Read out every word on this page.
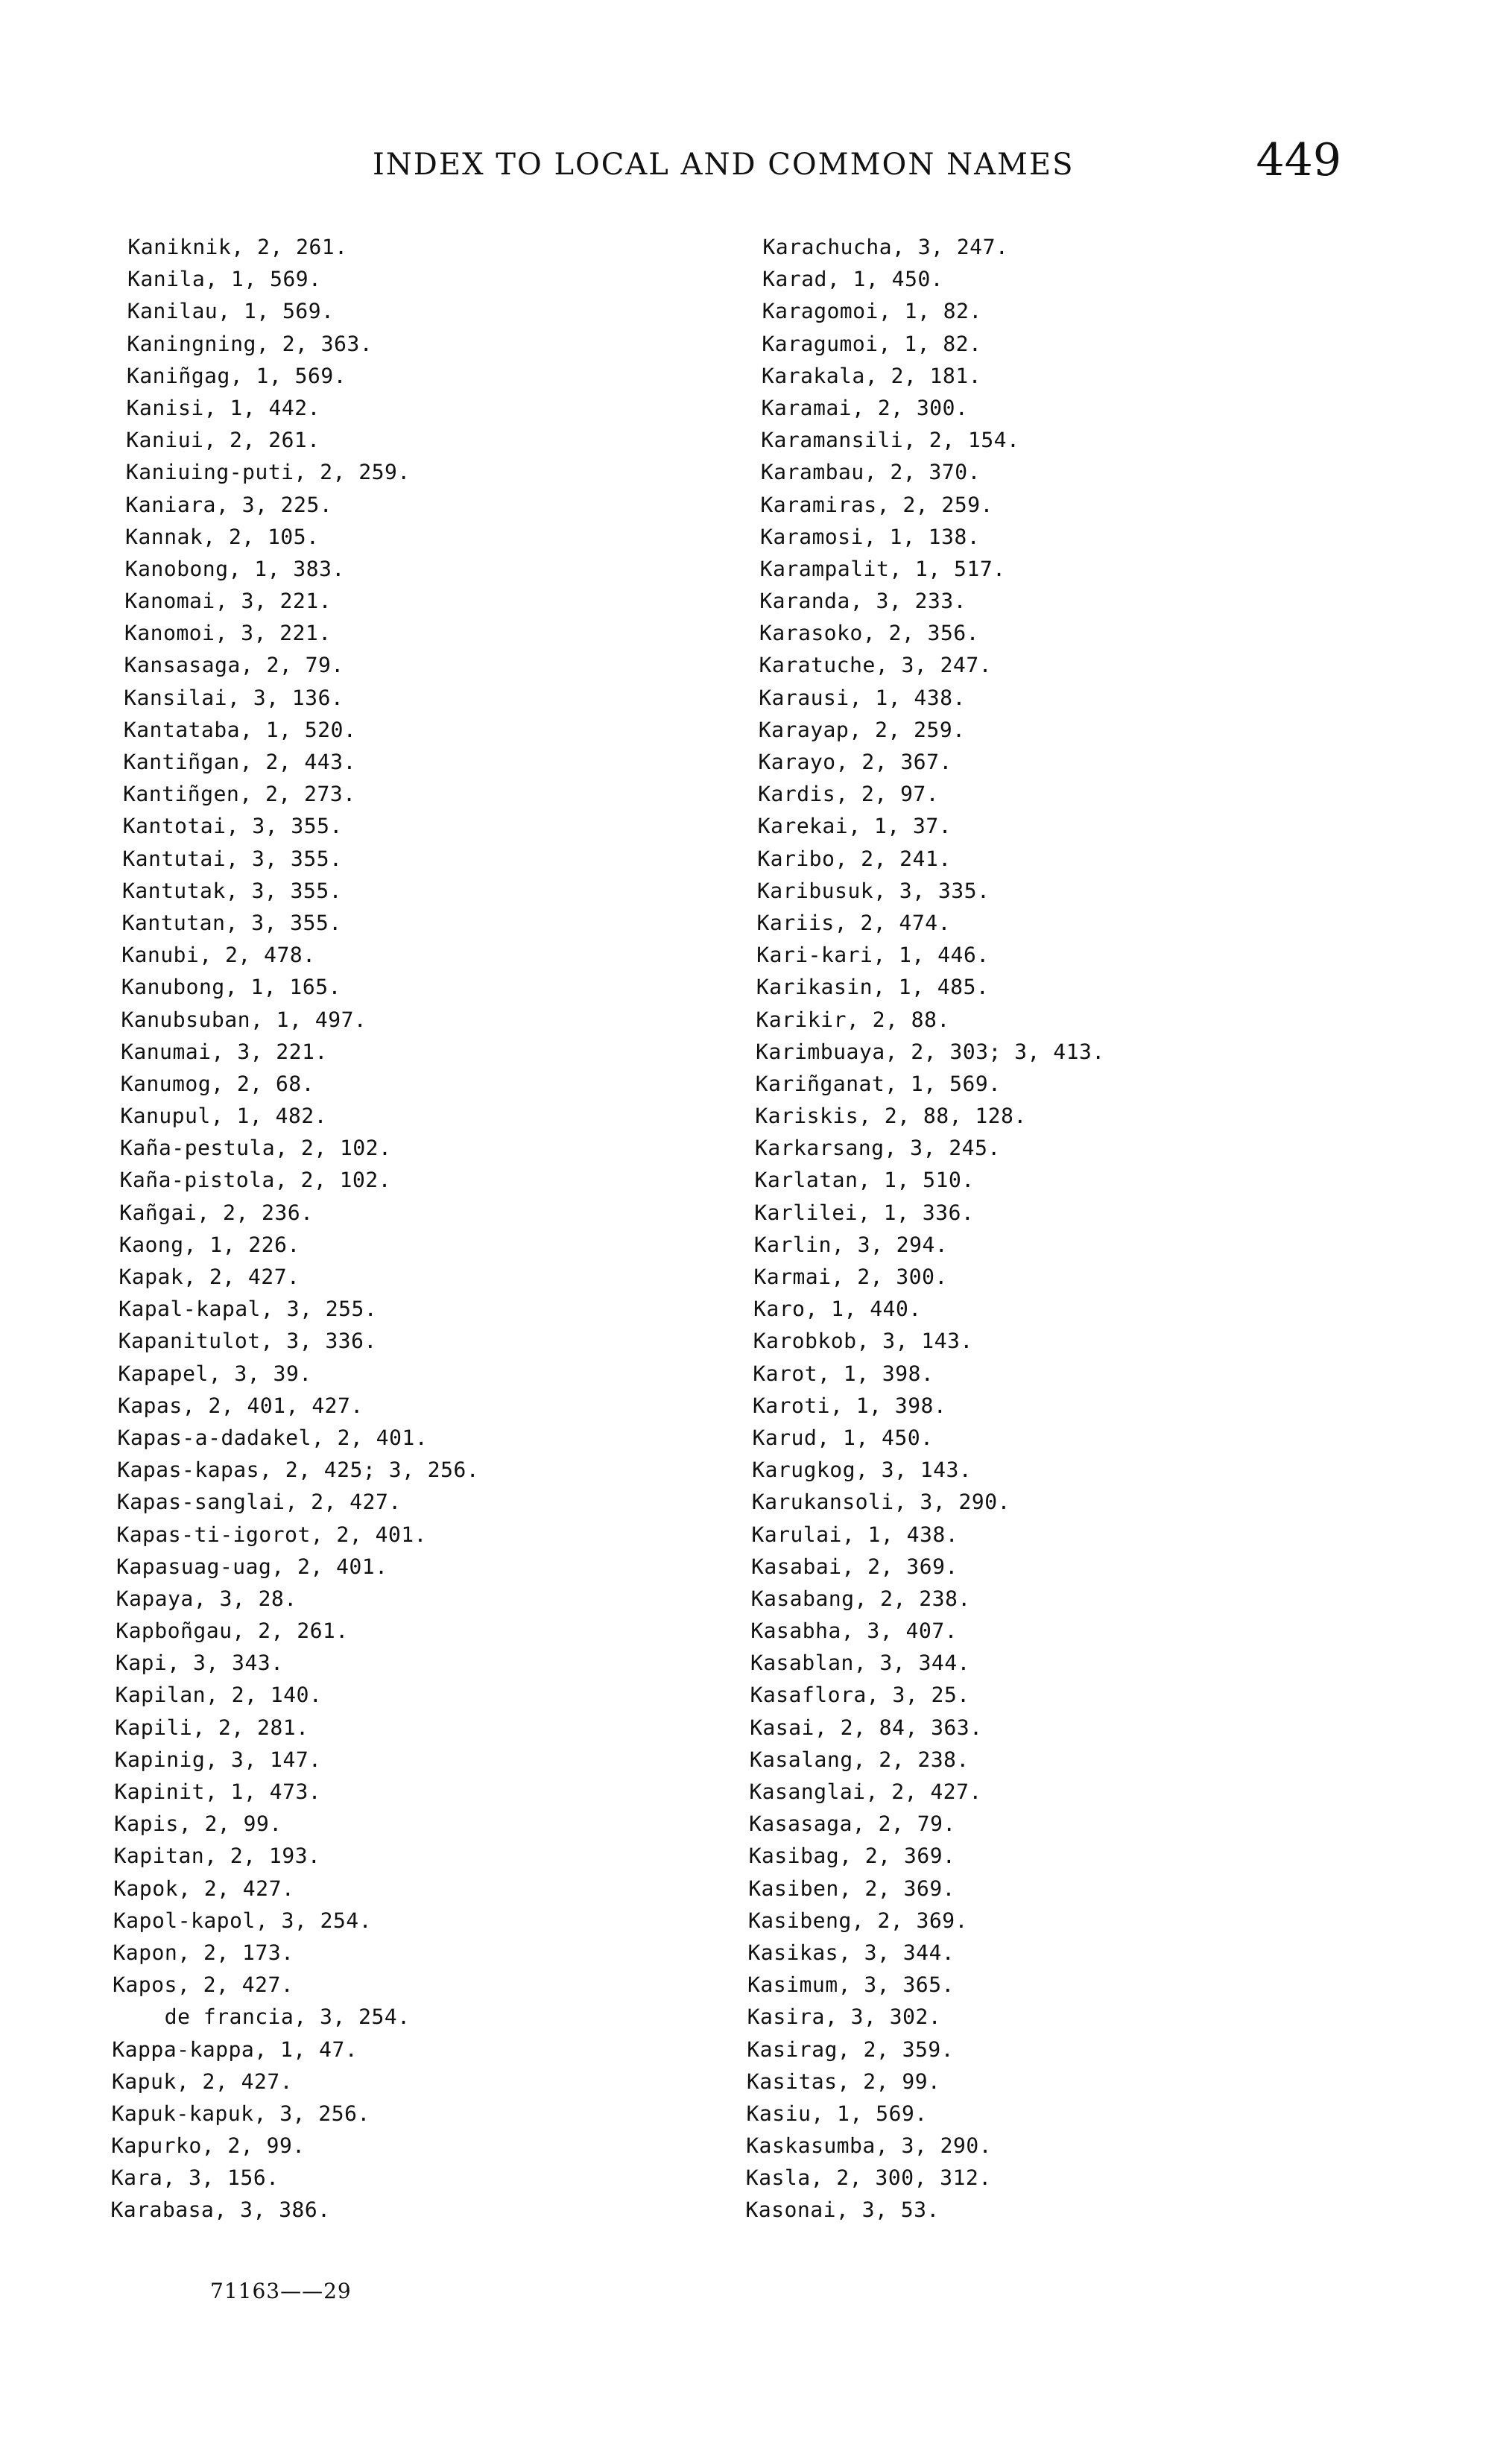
INDEX TO LOCAL AND COMMON NAMES	449
Kaniknik, 2, 261.
Kanila, 1, 569.
Kanilau, 1, 569.
Kaningning, 2, 363.
Kaniñgag, 1, 569.
Kanisi, 1, 442.
Kaniui, 2, 261.
Kaniuing-puti, 2, 259.
Kaniara, 3, 225.
Kannak, 2, 105.
Kanobong, 1, 383.
Kanomai, 3, 221.
Kanomoi, 3, 221.
Kansasaga, 2, 79.
Kansilai, 3, 136.
Kantataba, 1, 520.
Kantiñgan, 2, 443.
Kantiñgen, 2, 273.
Kantotai, 3, 355.
Kantutai, 3, 355.
Kantutak, 3, 355.
Kantutan, 3, 355.
Kanubi, 2, 478.
Kanubong, 1, 165.
Kanubsuban, 1, 497.
Kanumai, 3, 221.
Kanumog, 2, 68.
Kanupul, 1, 482.
Kaña-pestula, 2, 102.
Kaña-pistola, 2, 102.
Kañgai, 2, 236.
Kaong, 1, 226.
Kapak, 2, 427.
Kapal-kapal, 3, 255.
Kapanitulot, 3, 336.
Kapapel, 3, 39.
Kapas, 2, 401, 427.
Kapas-a-dadakel, 2, 401.
Kapas-kapas, 2, 425; 3, 256.
Kapas-sanglai, 2, 427.
Kapas-ti-igorot, 2, 401.
Kapasuag-uag, 2, 401.
Kapaya, 3, 28.
Kapboñgau, 2, 261.
Kapi, 3, 343.
Kapilan, 2, 140.
Kapili, 2, 281.
Kapinig, 3, 147.
Kapinit, 1, 473.
Kapis, 2, 99.
Kapitan, 2, 193.
Kapok, 2, 427.
Kapol-kapol, 3, 254.
Kapon, 2, 173.
Kapos, 2, 427.
de francia, 3, 254.
Kappa-kappa, 1, 47.
Kapuk, 2, 427.
Kapuk-kapuk, 3, 256.
Kapurko, 2, 99.
Kara, 3, 156.
Karabasa, 3, 386.
Karachucha, 3, 247.
Karad, 1, 450.
Karagomoi, 1, 82.
Karagumoi, 1, 82.
Karakala, 2, 181.
Karamai, 2, 300.
Karamansili, 2, 154.
Karambau, 2, 370.
Karamiras, 2, 259.
Karamosi, 1, 138.
Karampalit, 1, 517.
Karanda, 3, 233.
Karasoko, 2, 356.
Karatuche, 3, 247.
Karausi, 1, 438.
Karayap, 2, 259.
Karayo, 2, 367.
Kardis, 2, 97.
Karekai, 1, 37.
Karibo, 2, 241.
Karibusuk, 3, 335.
Kariis, 2, 474.
Kari-kari, 1, 446.
Karikasin, 1, 485.
Karikir, 2, 88.
Karimbuaya, 2, 303; 3, 413.
Kariñganat, 1, 569.
Kariskis, 2, 88, 128.
Karkarsang, 3, 245.
Karlatan, 1, 510.
Karlilei, 1, 336.
Karlin, 3, 294.
Karmai, 2, 300.
Karo, 1, 440.
Karobkob, 3, 143.
Karot, 1, 398.
Karoti, 1, 398.
Karud, 1, 450.
Karugkog, 3, 143.
Karukansoli, 3, 290.
Karulai, 1, 438.
Kasabai, 2, 369.
Kasabang, 2, 238.
Kasabha, 3, 407.
Kasablan, 3, 344.
Kasaflora, 3, 25.
Kasai, 2, 84, 363.
Kasalang, 2, 238.
Kasanglai, 2, 427.
Kasasaga, 2, 79.
Kasibag, 2, 369.
Kasiben, 2, 369.
Kasibeng, 2, 369.
Kasikas, 3, 344.
Kasimum, 3, 365.
Kasira, 3, 302.
Kasirag, 2, 359.
Kasitas, 2, 99.
Kasiu, 1, 569.
Kaskasumba, 3, 290.
Kasla, 2, 300, 312.
Kasonai, 3, 53.
71163——29
